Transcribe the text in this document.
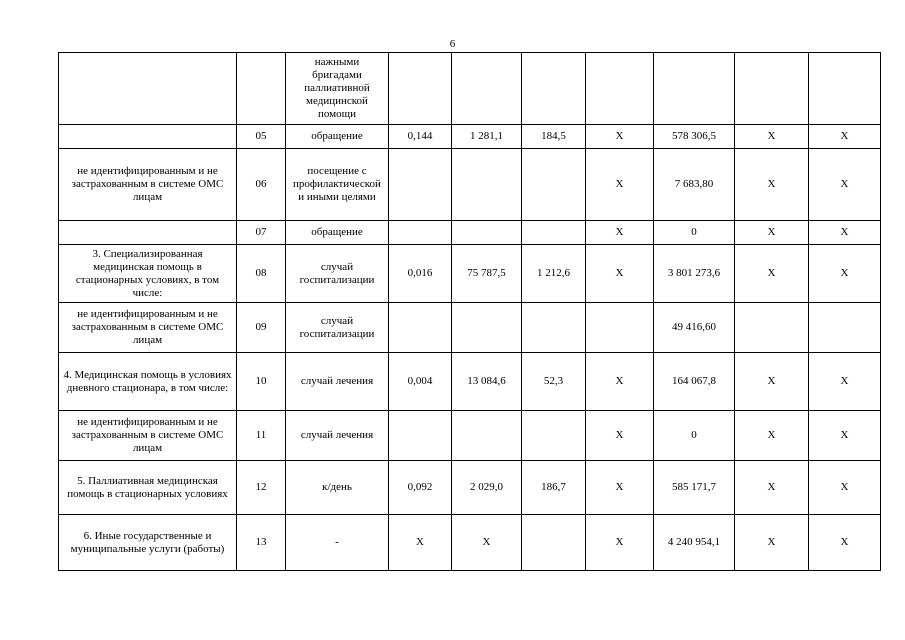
6
		нажными бригадами паллиативной медицинской помощи							
	05	обращение	0,144	1 281,1	184,5	Х	578 306,5	Х	Х
не идентифицированным и не застрахованным в системе ОМС лицам	06	посещение с профилактической и иными целями				Х	7 683,80	Х	Х
	07	обращение				Х	0	Х	Х
3. Специализированная медицинская помощь в стационарных условиях, в том числе:	08	случай госпитализации	0,016	75 787,5	1 212,6	Х	3 801 273,6	Х	Х
не идентифицированным и не застрахованным в системе ОМС лицам	09	случай госпитализации					49 416,60		
4. Медицинская помощь в условиях дневного стационара, в том числе:	10	случай лечения	0,004	13 084,6	52,3	Х	164 067,8	Х	Х
не идентифицированным и не застрахованным в системе ОМС лицам	11	случай лечения				Х	0	Х	Х
5. Паллиативная медицинская помощь в стационарных условиях	12	к/день	0,092	2 029,0	186,7	Х	585 171,7	Х	Х
6. Иные государственные и муниципальные услуги (работы)	13	-	Х	Х		Х	4 240 954,1	Х	Х
